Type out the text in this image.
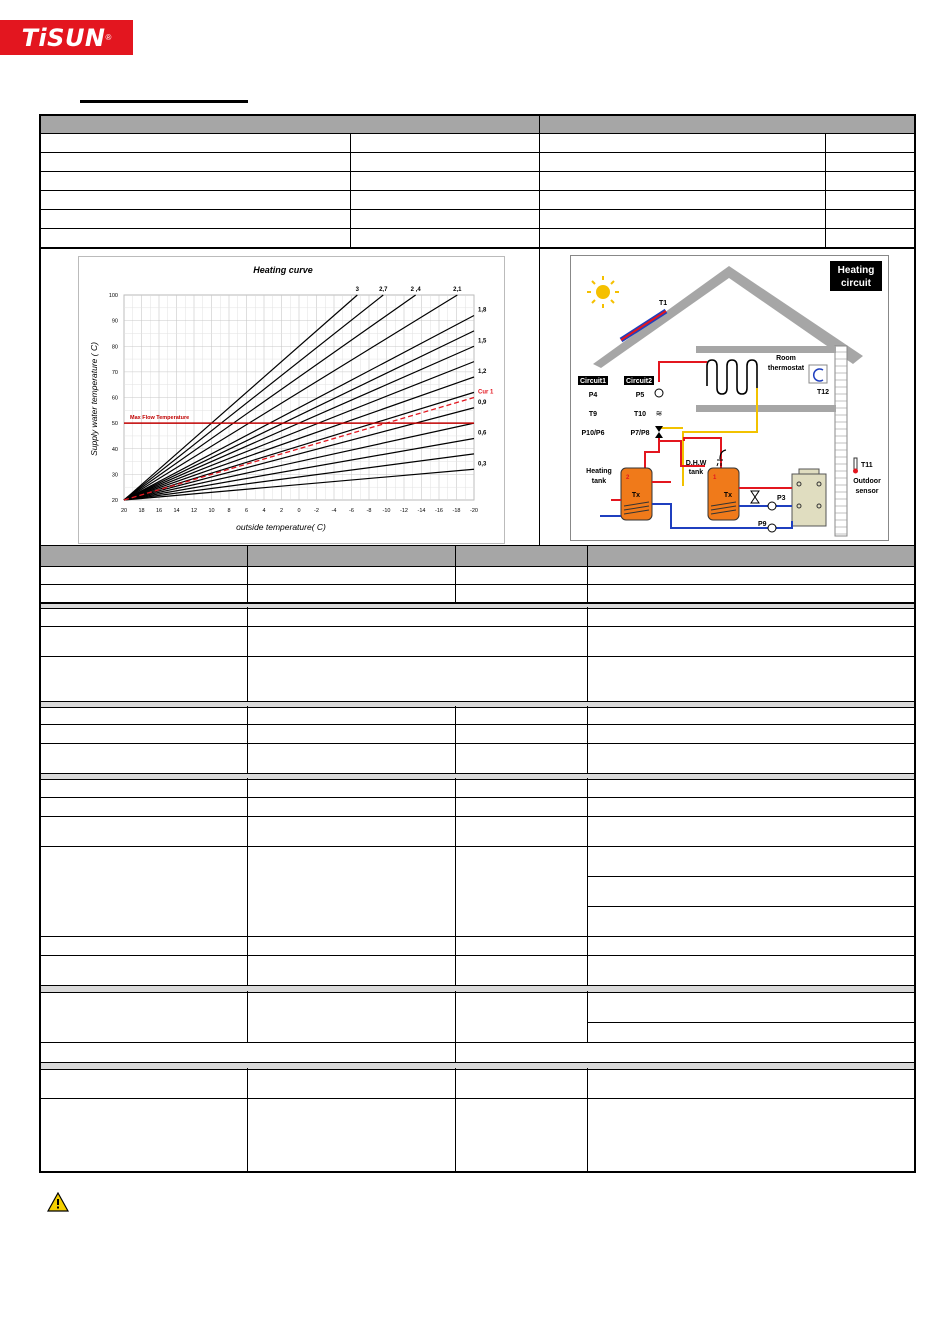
TiSUN ®
Heating curve
outside temperature( C)
Supply water temperature ( C)
20 18 16 14 12 10 8	6	4	2	0 -2 -4 -6 -8 -10 -12 -14 -16 -18 -20
20
30
40
50
60
70
80
90
100
3	2,7	2 ,4	2,1
1,8
1,5
1,2
0,9
0,6
0,3
Cur 1
Max Flow Temperature
Heating
circuit
T1
Room
thermostat
T12
Circuit1	Circuit2
P4	P5
T9	T10
P10/P6	P7/P8
≋
Heating
tank	2
Tx
D.H.W
tank
1
Tx	P3
P9
T11
Outdoor
sensor
